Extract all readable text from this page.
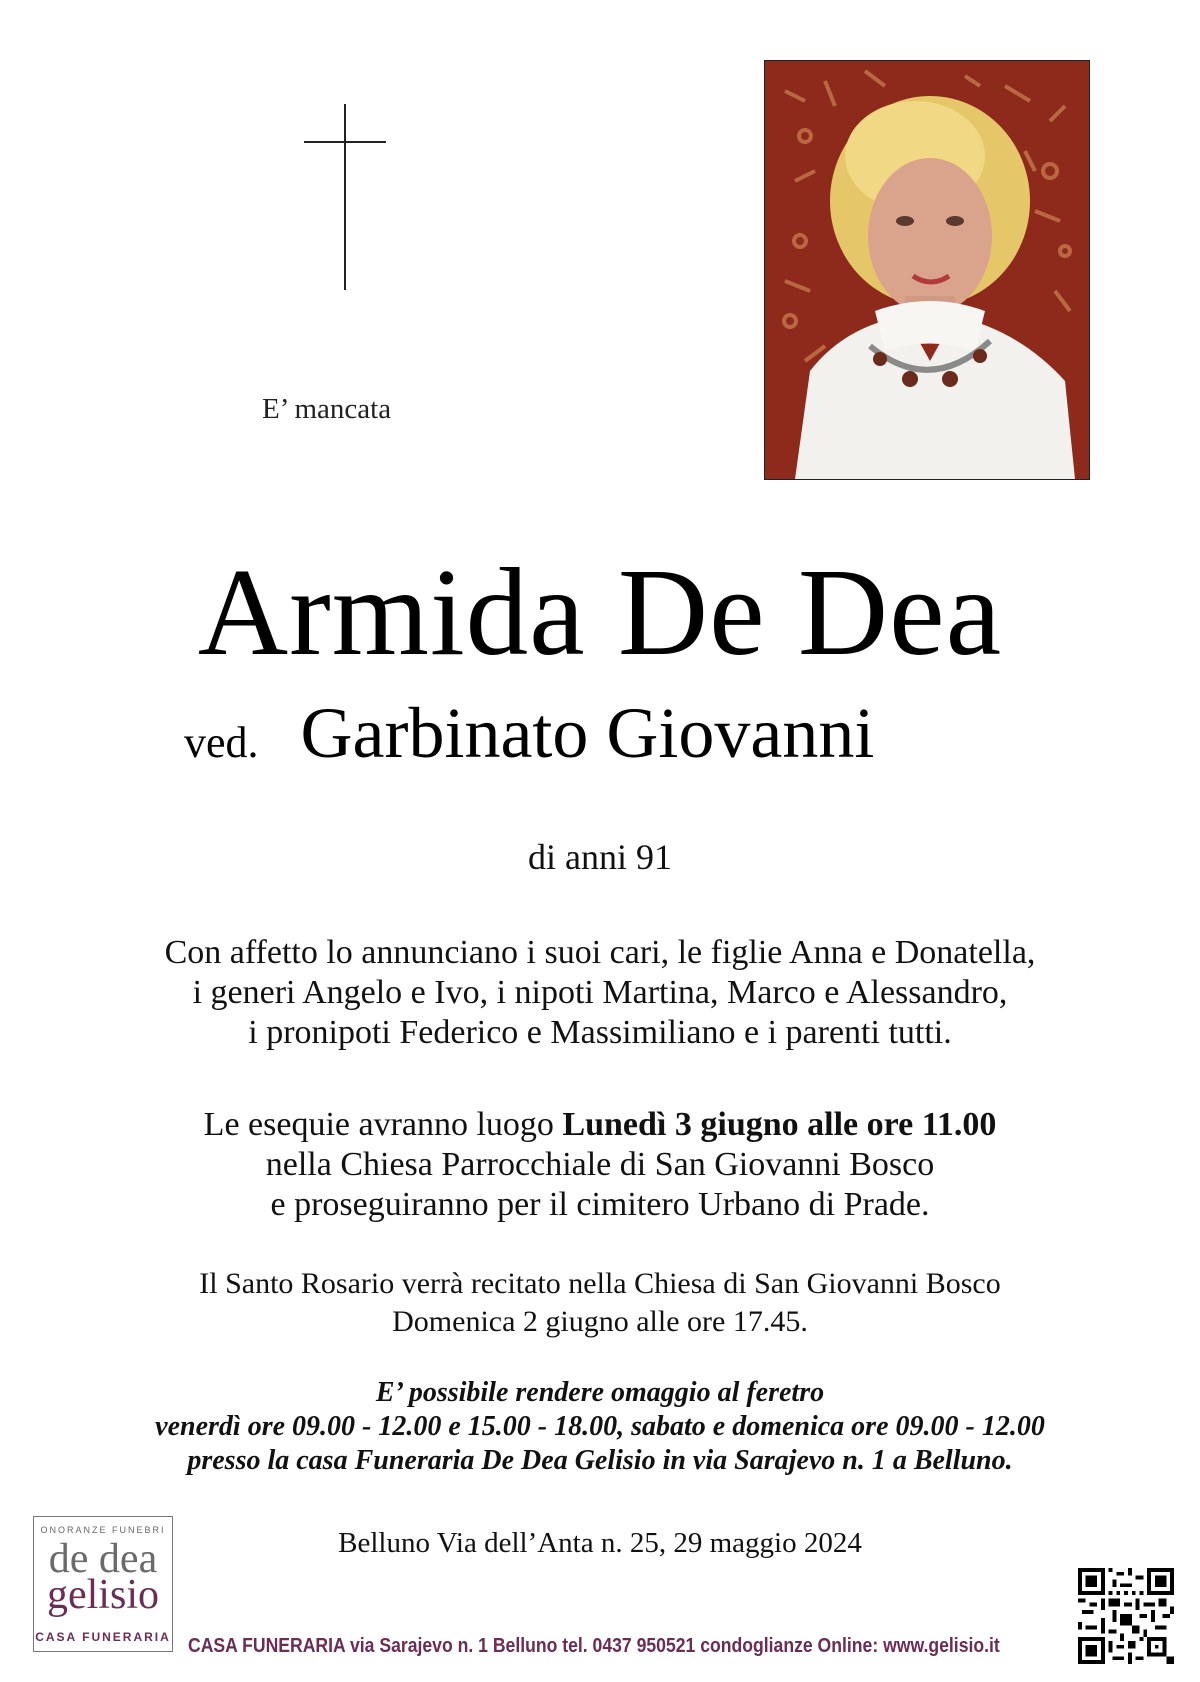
E’ mancata
Armida De Dea
ved. Garbinato Giovanni
di anni 91
Con affetto lo annunciano i suoi cari, le figlie Anna e Donatella,
i generi Angelo e Ivo, i nipoti Martina, Marco e Alessandro,
i pronipoti Federico e Massimiliano e i parenti tutti.
Le esequie avranno luogo Lunedì 3 giugno alle ore 11.00
nella Chiesa Parrocchiale di San Giovanni Bosco
e proseguiranno per il cimitero Urbano di Prade.
Il Santo Rosario verrà recitato nella Chiesa di San Giovanni Bosco
Domenica 2 giugno alle ore 17.45.
E’ possibile rendere omaggio al feretro
venerdì ore 09.00 - 12.00 e 15.00 - 18.00, sabato e domenica ore 09.00 - 12.00
presso la casa Funeraria De Dea Gelisio in via Sarajevo n. 1 a Belluno.
Belluno Via dell’Anta n. 25, 29 maggio 2024
ONORANZE FUNEBRI
de dea
gelisio
CASA FUNERARIA CASA FUNERARIA via Sarajevo n. 1 Belluno tel. 0437 950521 condoglianze Online: www.gelisio.it
